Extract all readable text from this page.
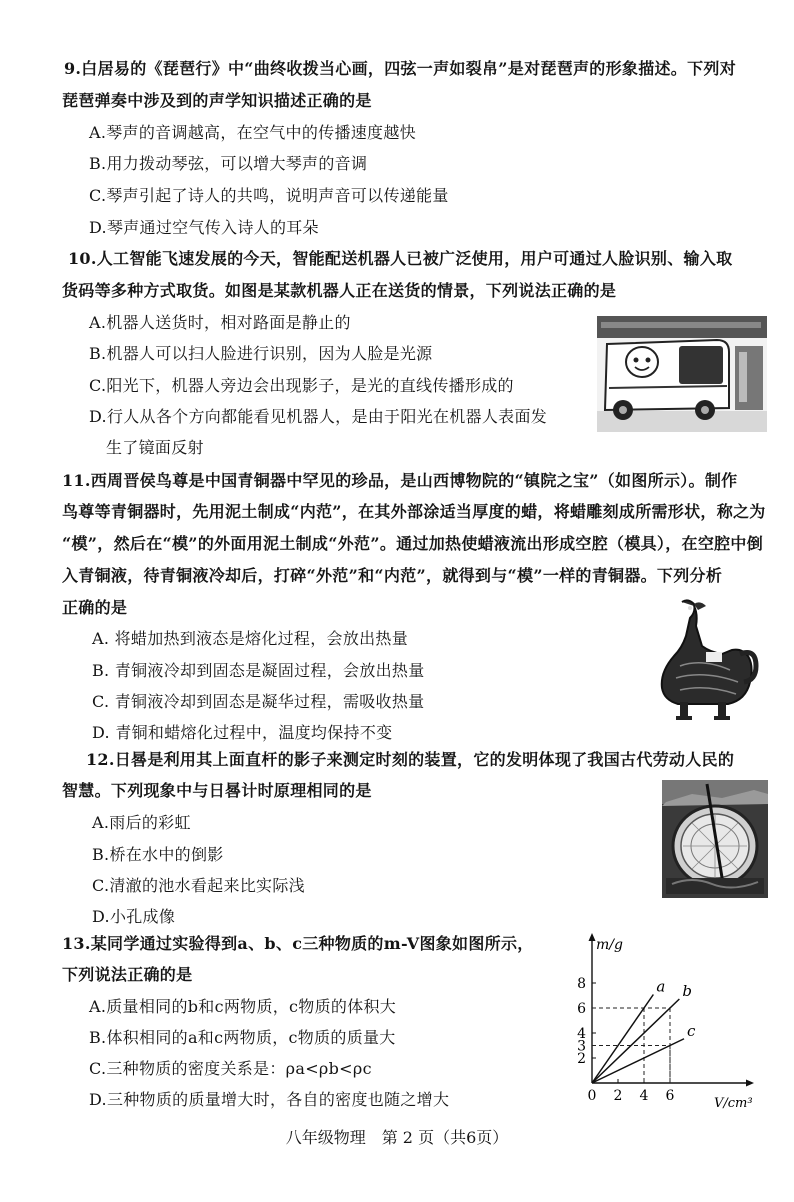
9.白居易的《琵琶行》中“曲终收拨当心画，四弦一声如裂帛”是对琵琶声的形象描述。下列对
琵琶弹奏中涉及到的声学知识描述正确的是
A.琴声的音调越高，在空气中的传播速度越快
B.用力拨动琴弦，可以增大琴声的音调
C.琴声引起了诗人的共鸣，说明声音可以传递能量
D.琴声通过空气传入诗人的耳朵
10.人工智能飞速发展的今天，智能配送机器人已被广泛使用，用户可通过人脸识别、输入取
货码等多种方式取货。如图是某款机器人正在送货的情景，下列说法正确的是
A.机器人送货时，相对路面是静止的
B.机器人可以扫人脸进行识别，因为人脸是光源
C.阳光下，机器人旁边会出现影子，是光的直线传播形成的
D.行人从各个方向都能看见机器人，是由于阳光在机器人表面发
生了镜面反射
11.西周晋侯鸟尊是中国青铜器中罕见的珍品，是山西博物院的“镇院之宝”（如图所示）。制作
鸟尊等青铜器时，先用泥土制成“内范”，在其外部涂适当厚度的蜡，将蜡雕刻成所需形状，称之为
“模”，然后在“模”的外面用泥土制成“外范”。通过加热使蜡液流出形成空腔（模具），在空腔中倒
入青铜液，待青铜液冷却后，打碎“外范”和“内范”，就得到与“模”一样的青铜器。下列分析
正确的是
A. 将蜡加热到液态是熔化过程，会放出热量
B. 青铜液冷却到固态是凝固过程，会放出热量
C. 青铜液冷却到固态是凝华过程，需吸收热量
D. 青铜和蜡熔化过程中，温度均保持不变
12.日晷是利用其上面直杆的影子来测定时刻的装置，它的发明体现了我国古代劳动人民的
智慧。下列现象中与日晷计时原理相同的是
A.雨后的彩虹
B.桥在水中的倒影
C.清澈的池水看起来比实际浅
D.小孔成像
13.某同学通过实验得到a、b、c三种物质的m-V图象如图所示，
下列说法正确的是
A.质量相同的b和c两物质，c物质的体积大
B.体积相同的a和c两物质，c物质的质量大
C.三种物质的密度关系是：ρa<ρb<ρc
D.三种物质的质量增大时，各自的密度也随之增大
m/g
V/cm³
0 2 4 6
2
3
4
6
8	a b
c
八年级物理　第 2 页（共6页）
